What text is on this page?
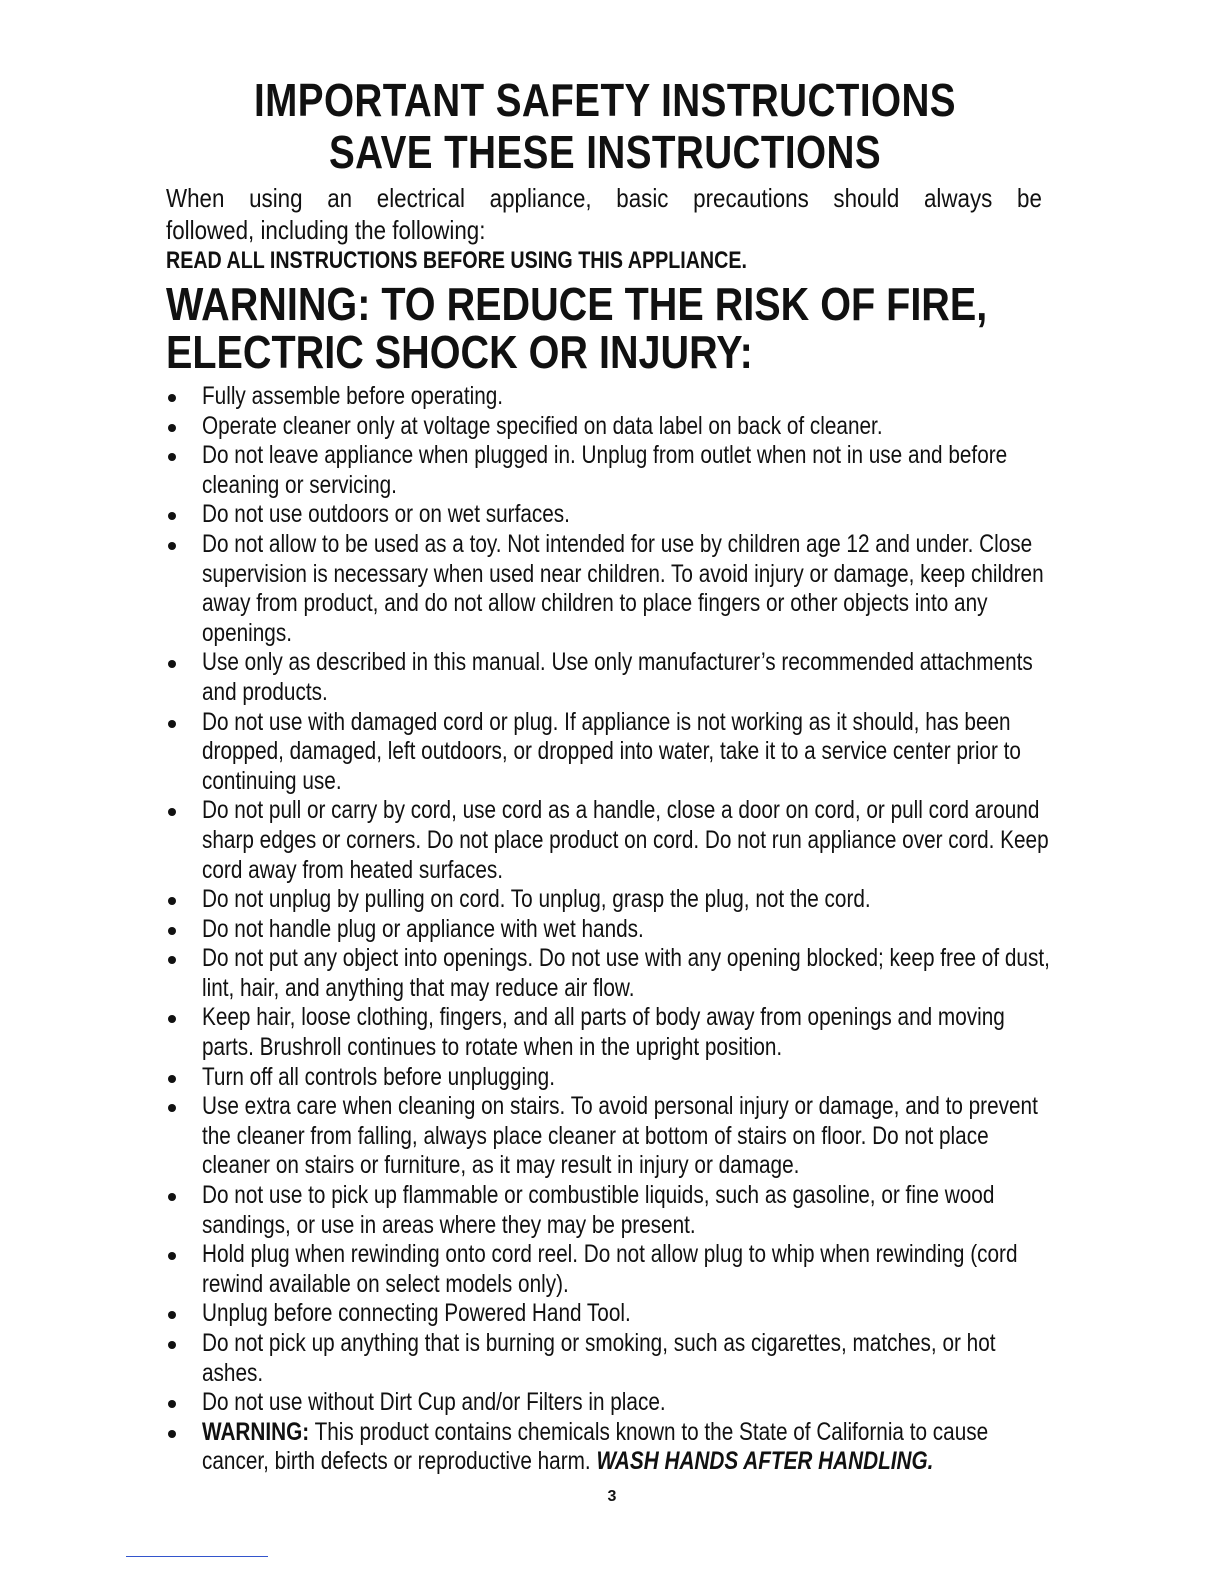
IMPORTANT SAFETY INSTRUCTIONS
SAVE THESE INSTRUCTIONS

When using an electrical appliance, basic precautions should always be
followed, including the following:

READ ALL INSTRUCTIONS BEFORE USING THIS APPLIANCE.

WARNING: TO REDUCE THE RISK OF FIRE,
ELECTRIC SHOCK OR INJURY:
Fully assemble before operating.
Operate cleaner only at voltage specified on data label on back of cleaner.
Do not leave appliance when plugged in. Unplug from outlet when not in use and before cleaning or servicing.
Do not use outdoors or on wet surfaces.
Do not allow to be used as a toy. Not intended for use by children age 12 and under. Close supervision is necessary when used near children. To avoid injury or damage, keep children away from product, and do not allow children to place fingers or other objects into any openings.
Use only as described in this manual. Use only manufacturer’s recommended attachments and products.
Do not use with damaged cord or plug. If appliance is not working as it should, has been dropped, damaged, left outdoors, or dropped into water, take it to a service center prior to continuing use.
Do not pull or carry by cord, use cord as a handle, close a door on cord, or pull cord around sharp edges or corners. Do not place product on cord. Do not run appliance over cord. Keep cord away from heated surfaces.
Do not unplug by pulling on cord. To unplug, grasp the plug, not the cord.
Do not handle plug or appliance with wet hands.
Do not put any object into openings. Do not use with any opening blocked; keep free of dust, lint, hair, and anything that may reduce air flow.
Keep hair, loose clothing, fingers, and all parts of body away from openings and moving parts. Brushroll continues to rotate when in the upright position.
Turn off all controls before unplugging.
Use extra care when cleaning on stairs. To avoid personal injury or damage, and to prevent the cleaner from falling, always place cleaner at bottom of stairs on floor. Do not place cleaner on stairs or furniture, as it may result in injury or damage.
Do not use to pick up flammable or combustible liquids, such as gasoline, or fine wood sandings, or use in areas where they may be present.
Hold plug when rewinding onto cord reel. Do not allow plug to whip when rewinding (cord rewind available on select models only).
Unplug before connecting Powered Hand Tool.
Do not pick up anything that is burning or smoking, such as cigarettes, matches, or hot ashes.
Do not use without Dirt Cup and/or Filters in place.
WARNING: This product contains chemicals known to the State of California to cause cancer, birth defects or reproductive harm. WASH HANDS AFTER HANDLING.
3
